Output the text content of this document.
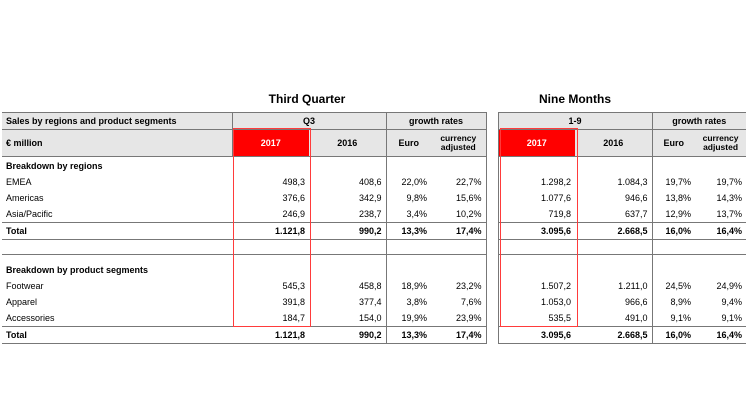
Third Quarter	Nine Months
Sales by regions and product segments	Q3		growth rates			1-9		growth rates	
€ million	2017	2016	Euro	currency adjusted		2017	2016	Euro	currency adjusted
Breakdown by regions									
EMEA	498,3	408,6	22,0%	22,7%		1.298,2	1.084,3	19,7%	19,7%
Americas	376,6	342,9	9,8%	15,6%		1.077,6	946,6	13,8%	14,3%
Asia/Pacific	246,9	238,7	3,4%	10,2%		719,8	637,7	12,9%	13,7%
Total	1.121,8	990,2	13,3%	17,4%		3.095,6	2.668,5	16,0%	16,4%

Breakdown by product segments									
Footwear	545,3	458,8	18,9%	23,2%		1.507,2	1.211,0	24,5%	24,9%
Apparel	391,8	377,4	3,8%	7,6%		1.053,0	966,6	8,9%	9,4%
Accessories	184,7	154,0	19,9%	23,9%		535,5	491,0	9,1%	9,1%
Total	1.121,8	990,2	13,3%	17,4%		3.095,6	2.668,5	16,0%	16,4%
